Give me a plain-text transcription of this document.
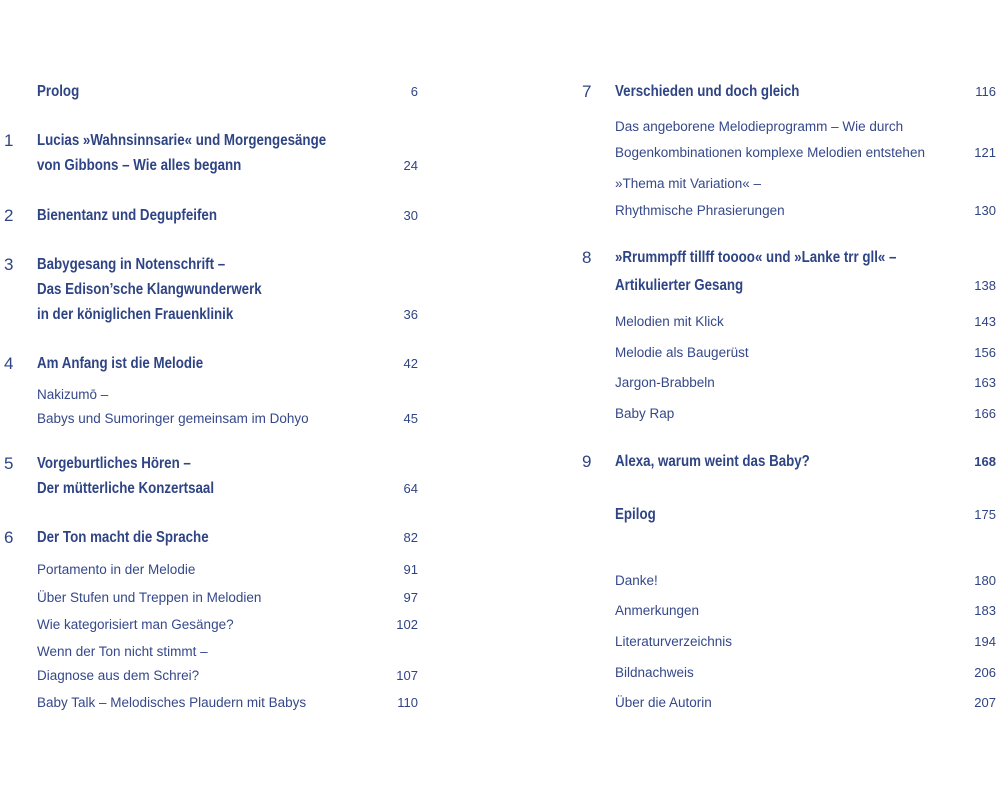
Prolog	6
1 Lucias »Wahnsinnsarie« und Morgengesänge
von Gibbons – Wie alles begann	24
2 Bienentanz und Degupfeifen	30
3 Babygesang in Notenschrift –
Das Edison’sche Klangwunderwerk
in der königlichen Frauenklinik	36
4 Am Anfang ist die Melodie	42
Nakizumō –
Babys und Sumoringer gemeinsam im Dohyo	45
5 Vorgeburtliches Hören –
Der mütterliche Konzertsaal	64
6 Der Ton macht die Sprache	82
Portamento in der Melodie	91
Über Stufen und Treppen in Melodien	97
Wie kategorisiert man Gesänge?	102
Wenn der Ton nicht stimmt –
Diagnose aus dem Schrei?	107
Baby Talk – Melodisches Plaudern mit Babys	110
7 Verschieden und doch gleich	116
Das angeborene Melodieprogramm – Wie durch
Bogenkombinationen komplexe Melodien entstehen	121
»Thema mit Variation« –
Rhythmische Phrasierungen	130
8 »Rrummpff tillff toooo« und »Lanke trr gll« –
Artikulierter Gesang	138
Melodien mit Klick	143
Melodie als Baugerüst	156
Jargon-Brabbeln	163
Baby Rap	166
9 Alexa, warum weint das Baby?	168
Epilog	175
Danke!	180
Anmerkungen	183
Literaturverzeichnis	194
Bildnachweis	206
Über die Autorin	207
